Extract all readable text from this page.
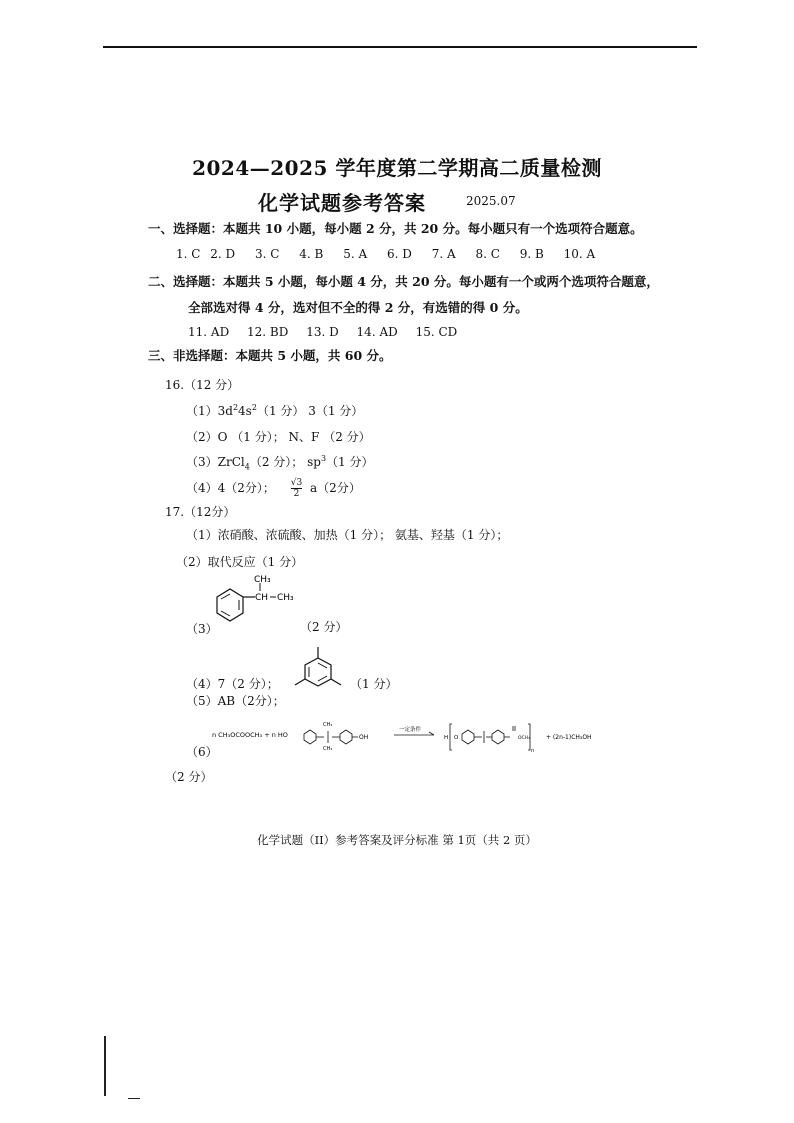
2024—2025 学年度第二学期高二质量检测
化学试题参考答案	2025.07
一、选择题：本题共 10 小题，每小题 2 分，共 20 分。每小题只有一个选项符合题意。
1. C 2. D 3. C 4. B 5. A 6. D 7. A 8. C 9. B 10. A
二、选择题：本题共 5 小题，每小题 4 分，共 20 分。每小题有一个或两个选项符合题意，
全部选对得 4 分，选对但不全的得 2 分，有选错的得 0 分。
11. AD 12. BD 13. D 14. AD 15. CD
三、非选择题：本题共 5 小题，共 60 分。
16.（12 分）
$(1)3d^24s^2(1$ 分） 3（1 分）
（2）O （1 分）； N、F （2 分）
（3）ZrCl$_4$（2 分）； $sp^3(1$ 分）
（4）4（2分）； $\frac{√3}{2} a(2$分）
17.（12分）
（1）浓硝酸、浓硫酸、加热（1 分）； 氨基、羟基（1 分）；
（2）取代反应（1 分）
（3）
CH₃
CH CH₃
（2 分）
（4）7（2 分）；	（1 分）
（5）AB（2分）；
（6）
n CH₃OCOOCH₃ + n HO
CH₃
CH₃
OH
一定条件
H O	OCH₃
n
+ (2n-1)CH₃OH
（2 分）
化学试题（II）参考答案及评分标准 第 1页（共 2 页）
